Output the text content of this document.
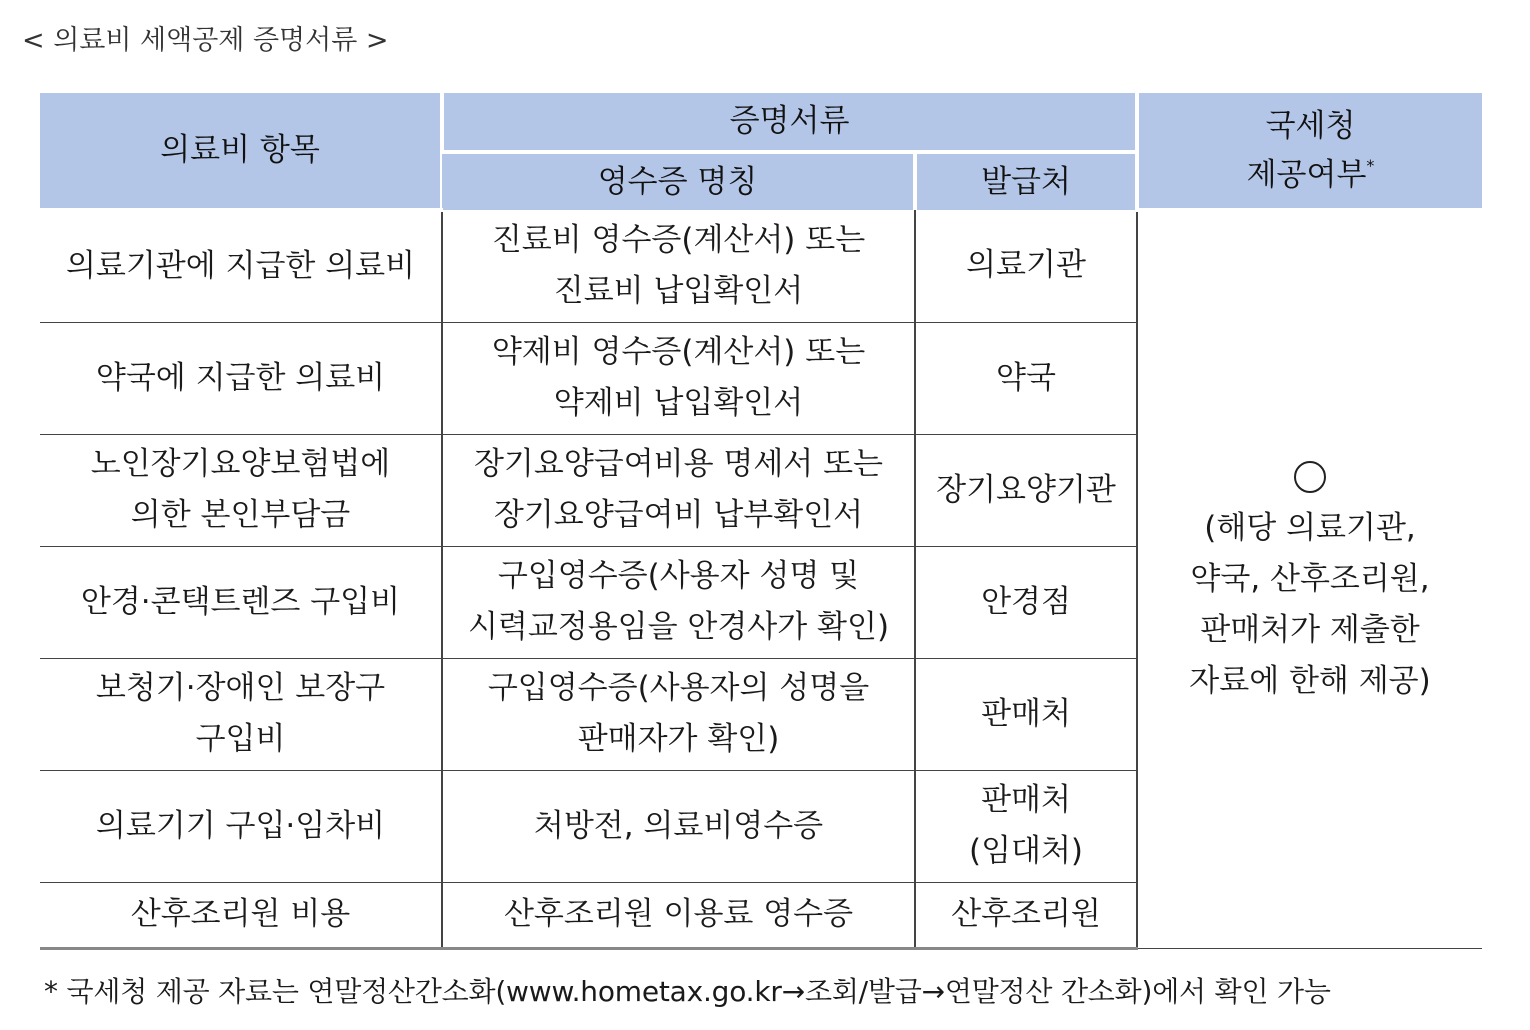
< 의료비 세액공제 증명서류 >
의료비 항목	증명서류		국세청
제공여부*

	영수증 명칭	발급처	

의료기관에 지급한 의료비	진료비 영수증(계산서) 또는
진료비 납입확인서	의료기관	(해당 의료기관,
약국, 산후조리원,
판매처가 제출한
자료에 한해 제공)

약국에 지급한 의료비	약제비 영수증(계산서) 또는
약제비 납입확인서	약국	

노인장기요양보험법에
의한 본인부담금	장기요양급여비용 명세서 또는
장기요양급여비 납부확인서	장기요양기관	

안경·콘택트렌즈 구입비	구입영수증(사용자 성명 및
시력교정용임을 안경사가 확인)	안경점	

보청기·장애인 보장구
구입비	구입영수증(사용자의 성명을
판매자가 확인)	판매처	

의료기기 구입·임차비	처방전, 의료비영수증	판매처
(임대처)	

산후조리원 비용	산후조리원 이용료 영수증	산후조리원	
* 국세청 제공 자료는 연말정산간소화(www.hometax.go.kr→조회/발급→연말정산 간소화)에서 확인 가능
